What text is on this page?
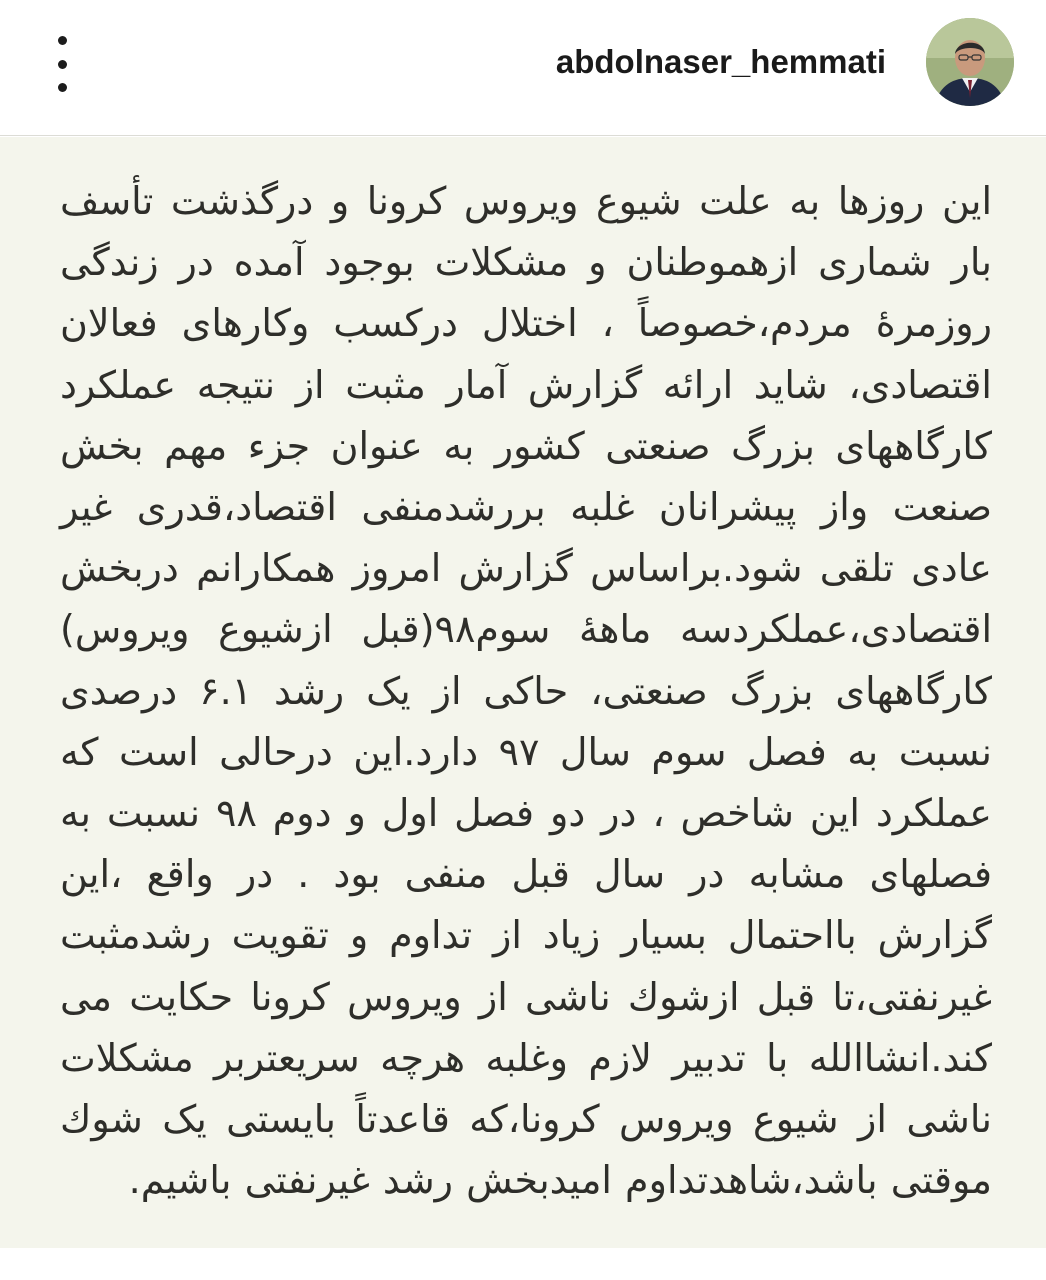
abdolnaser_hemmati

این روزها به علت شیوع ویروس کرونا و درگذشت تأسف بار شماری ازهموطنان و مشکلات بوجود آمده در زندگی روزمرهٔ مردم،خصوصاً ، اختلال درکسب وکارهای فعالان اقتصادی، شاید ارائه گزارش آمار مثبت از نتیجه عملکرد کارگاههای بزرگ صنعتی کشور به عنوان جزء مهم بخش صنعت واز پیشرانان غلبه بررشدمنفی اقتصاد،قدری غیر عادی تلقی شود.براساس گزارش امروز همکارانم دربخش اقتصادی،عملکردسه ماههٔ سوم۹۸(قبل ازشیوع ویروس) کارگاههای بزرگ صنعتی، حاکی از یک رشد ۶.۱ درصدی نسبت به فصل سوم سال ۹۷ دارد.این درحالی است که عملکرد این شاخص ، در دو فصل اول و دوم ۹۸ نسبت به فصلهای مشابه در سال قبل منفی بود . در واقع ،این گزارش بااحتمال بسیار زیاد از تداوم و تقویت رشدمثبت غیرنفتی،تا قبل ازشوك ناشی از ویروس کرونا حکایت می کند.انشاالله با تدبیر لازم وغلبه هرچه سریعتربر مشکلات ناشی از شیوع ویروس کرونا،که قاعدتاً بایستی یک شوك موقتی باشد،شاهدتداوم امیدبخش رشد غیرنفتی باشیم.
